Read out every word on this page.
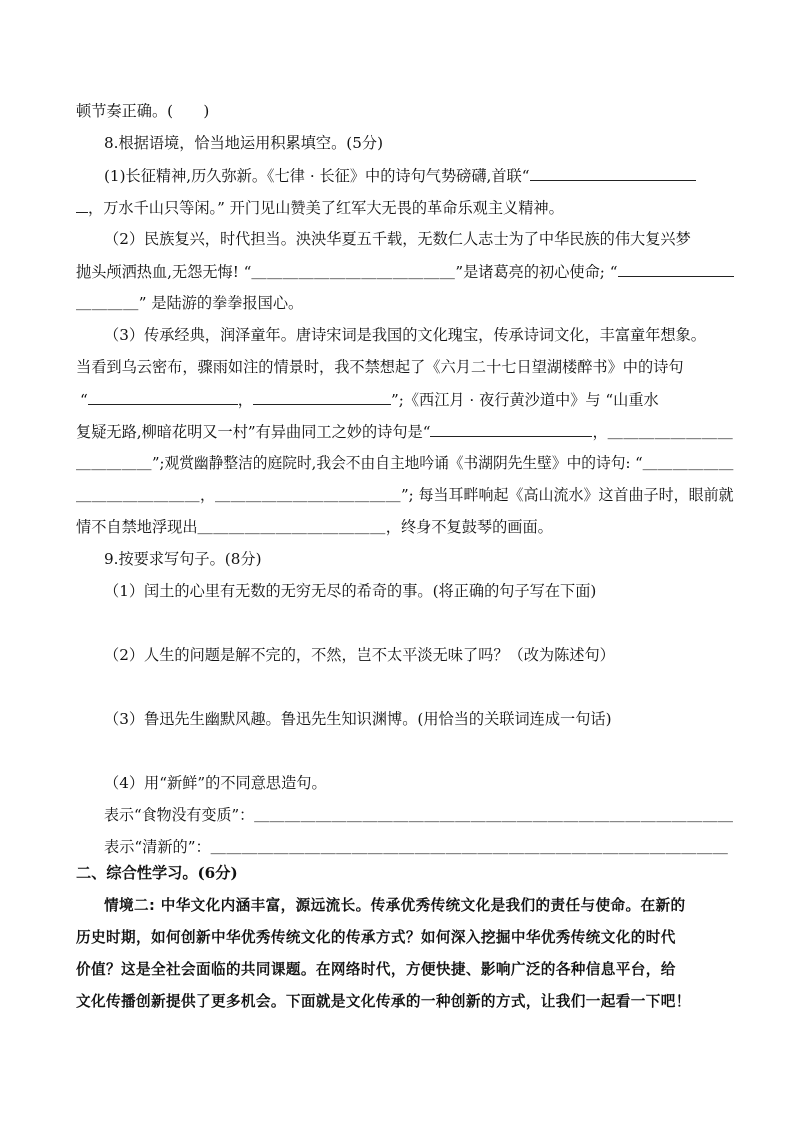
顿节奏正确。(　　)
8.根据语境，恰当地运用积累填空。(5分)
(1)长征精神,历久弥新。《七律 · 长征》中的诗句气势磅礴,首联“
，万水千山只等闲。” 开门见山赞美了红军大无畏的革命乐观主义精神。
（2）民族复兴，时代担当。泱泱华夏五千载，无数仁人志士为了中华民族的伟大复兴梦
抛头颅洒热血,无怨无悔! “＿＿＿＿＿＿＿＿＿＿＿＿＿”是诸葛亮的初心使命; “
＿＿＿＿” 是陆游的拳拳报国心。
（3）传承经典，润泽童年。唐诗宋词是我国的文化瑰宝，传承诗词文化，丰富童年想象。
当看到乌云密布，骤雨如注的情景时，我不禁想起了《六月二十七日望湖楼醉书》中的诗句
“	，	”;《西江月 · 夜行黄沙道中》与 “山重水
复疑无路,柳暗花明又一村”有异曲同工之妙的诗句是“	，＿＿＿＿＿＿＿＿
＿＿＿＿＿”;观赏幽静整洁的庭院时,我会不由自主地吟诵《书湖阴先生壁》中的诗句: “＿＿＿＿＿＿
＿＿＿＿＿＿＿＿，＿＿＿＿＿＿＿＿＿＿＿＿”; 每当耳畔响起《高山流水》这首曲子时，眼前就
情不自禁地浮现出＿＿＿＿＿＿＿＿＿＿＿＿，终身不复鼓琴的画面。
9.按要求写句子。(8分)
（1）闰土的心里有无数的无穷无尽的希奇的事。(将正确的句子写在下面)
（2）人生的问题是解不完的，不然，岂不太平淡无味了吗？（改为陈述句）
（3）鲁迅先生幽默风趣。鲁迅先生知识渊博。(用恰当的关联词连成一句话)
（4）用“新鲜”的不同意思造句。
表示“食物没有变质”：＿＿＿＿＿＿＿＿＿＿＿＿＿＿＿＿＿＿＿＿＿＿＿＿＿＿＿＿＿＿＿
表示“清新的”：＿＿＿＿＿＿＿＿＿＿＿＿＿＿＿＿＿＿＿＿＿＿＿＿＿＿＿＿＿＿＿＿＿
二、综合性学习。(6分)
情境二: 中华文化内涵丰富，源远流长。传承优秀传统文化是我们的责任与使命。在新的
历史时期，如何创新中华优秀传统文化的传承方式？如何深入挖掘中华优秀传统文化的时代
价值？这是全社会面临的共同课题。在网络时代，方便快捷、影响广泛的各种信息平台，给
文化传播创新提供了更多机会。下面就是文化传承的一种创新的方式，让我们一起看一下吧！
